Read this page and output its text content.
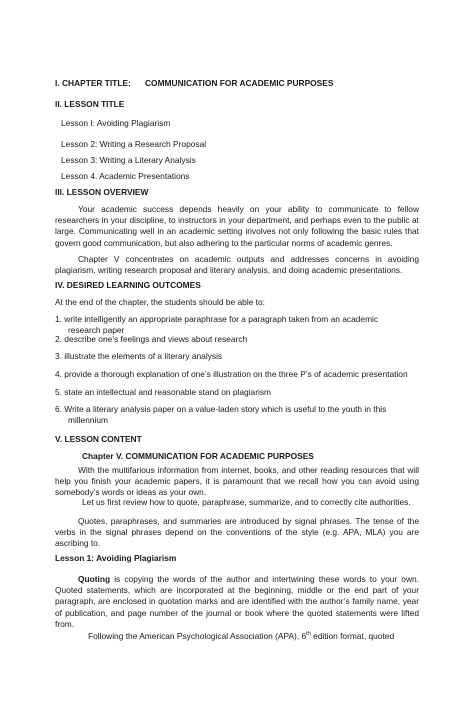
I. CHAPTER TITLE: COMMUNICATION FOR ACADEMIC PURPOSES
II. LESSON TITLE
Lesson I: Avoiding Plagiarism
Lesson 2: Writing a Research Proposal
Lesson 3: Writing a Literary Analysis
Lesson 4. Academic Presentations
III. LESSON OVERVIEW

Your academic success depends heavily on your ability to communicate to fellow researchers in your discipline, to instructors in your department, and perhaps even to the public at large. Communicating well in an academic setting involves not only following the basic rules that govern good communication, but also adhering to the particular norms of academic genres.

Chapter V concentrates on academic outputs and addresses concerns in avoiding plagiarism, writing research proposal and literary analysis, and doing academic presentations.

IV. DESIRED LEARNING OUTCOMES
At the end of the chapter, the students should be able to:
1. write intelligently an appropriate paraphrase for a paragraph taken from an academic
research paper
2. describe one’s feelings and views about research
3. illustrate the elements of a literary analysis
4. provide a thorough explanation of one’s illustration on the three P’s of academic presentation
5. state an intellectual and reasonable stand on plagiarism
6. Write a literary analysis paper on a value-laden story which is useful to the youth in this
millennium
V. LESSON CONTENT
Chapter V. COMMUNICATION FOR ACADEMIC PURPOSES

With the multifarious information from internet, books, and other reading resources that will help you finish your academic papers, it is paramount that we recall how you can avoid using somebody’s words or ideas as your own.

Let us first review how to quote, paraphrase, summarize, and to correctly cite authorities.

Quotes, paraphrases, and summaries are introduced by signal phrases. The tense of the verbs in the signal phrases depend on the conventions of the style (e.g. APA, MLA) you are ascribing to.

Lesson 1: Avoiding Plagiarism

Quoting is copying the words of the author and intertwining these words to your own. Quoted statements, which are incorporated at the beginning, middle or the end part of your paragraph, are enclosed in quotation marks and are identified with the author’s family name, year of publication, and page number of the journal or book where the quoted statements were lifted from.

Following the American Psychological Association (APA), 6th edition format, quoted
